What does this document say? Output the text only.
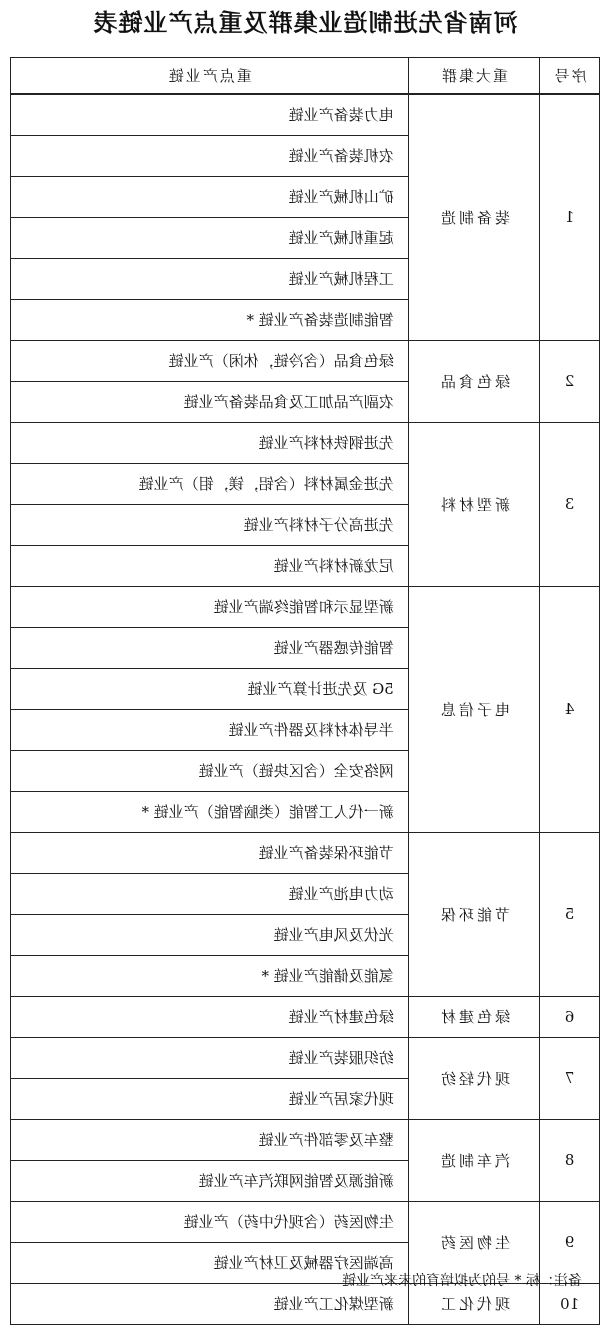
河南省先进制造业集群及重点产业链表
序号	重大集群	重点产业链
1	装备制造	电力装备产业链
		农机装备产业链
		矿山机械产业链
		起重机械产业链
		工程机械产业链
		智能制造装备产业链 *
2	绿色食品	绿色食品（含冷链，休闲）产业链
		农副产品加工及食品装备产业链
3	新型材料	先进钢铁材料产业链
		先进金属材料（含铝，镁，钼）产业链
		先进高分子材料产业链
		尼龙新材料产业链
4	电子信息	新型显示和智能终端产业链
		智能传感器产业链
		5G 及先进计算产业链
		半导体材料及器件产业链
		网络安全（含区块链）产业链
		新一代人工智能（类脑智能）产业链 *
5	节能环保	节能环保装备产业链
		动力电池产业链
		光伏及风电产业链
		氢能及储能产业链 *
6	绿色建材	绿色建材产业链
7	现代轻纺	纺织服装产业链
		现代家居产业链
8	汽车制造	整车及零部件产业链
		新能源及智能网联汽车产业链
9	生物医药	生物医药（含现代中药）产业链
		高端医疗器械及卫材产业链
10	现代化工	新型煤化工产业链
备注：标 * 号的为拟培育的未来产业链
